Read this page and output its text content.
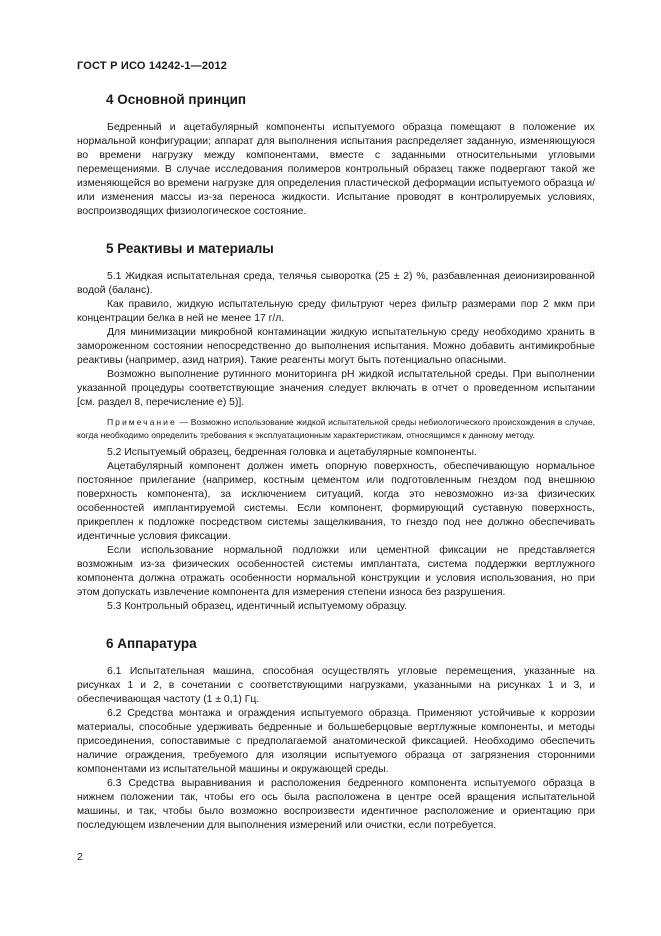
ГОСТ Р ИСО 14242-1—2012
4 Основной принцип

Бедренный и ацетабулярный компоненты испытуемого образца помещают в положение их нормальной конфигурации; аппарат для выполнения испытания распределяет заданную, изменяющуюся во времени нагрузку между компонентами, вместе с заданными относительными угловыми перемещениями. В случае исследования полимеров контрольный образец также подвергают такой же изменяющейся во времени нагрузке для определения пластической деформации испытуемого образца и/или изменения массы из-за переноса жидкости. Испытание проводят в контролируемых условиях, воспроизводящих физиологическое состояние.

5 Реактивы и материалы

5.1 Жидкая испытательная среда, телячья сыворотка (25 ± 2) %, разбавленная деионизированной водой (баланс).

Как правило, жидкую испытательную среду фильтруют через фильтр размерами пор 2 мкм при концентрации белка в ней не менее 17 г/л.

Для минимизации микробной контаминации жидкую испытательную среду необходимо хранить в замороженном состоянии непосредственно до выполнения испытания. Можно добавить антимикробные реактивы (например, азид натрия). Такие реагенты могут быть потенциально опасными.

Возможно выполнение рутинного мониторинга pH жидкой испытательной среды. При выполнении указанной процедуры соответствующие значения следует включать в отчет о проведенном испытании [см. раздел 8, перечисление е) 5)].

Примечание — Возможно использование жидкой испытательной среды небиологического происхождения в случае, когда необходимо определить требования к эксплуатационным характеристикам, относящимся к данному методу.

5.2 Испытуемый образец, бедренная головка и ацетабулярные компоненты.

Ацетабулярный компонент должен иметь опорную поверхность, обеспечивающую нормальное постоянное прилегание (например, костным цементом или подготовленным гнездом под внешнюю поверхность компонента), за исключением ситуаций, когда это невозможно из-за физических особенностей имплантируемой системы. Если компонент, формирующий суставную поверхность, прикреплен к подложке посредством системы защелкивания, то гнездо под нее должно обеспечивать идентичные условия фиксации.

Если использование нормальной подложки или цементной фиксации не представляется возможным из-за физических особенностей системы имплантата, система поддержки вертлужного компонента должна отражать особенности нормальной конструкции и условия использования, но при этом допускать извлечение компонента для измерения степени износа без разрушения.

5.3 Контрольный образец, идентичный испытуемому образцу.

6 Аппаратура

6.1 Испытательная машина, способная осуществлять угловые перемещения, указанные на рисунках 1 и 2, в сочетании с соответствующими нагрузками, указанными на рисунках 1 и 3, и обеспечивающая частоту (1 ± 0,1) Гц.

6.2 Средства монтажа и ограждения испытуемого образца. Применяют устойчивые к коррозии материалы, способные удерживать бедренные и большеберцовые вертлужные компоненты, и методы присоединения, сопоставимые с предполагаемой анатомической фиксацией. Необходимо обеспечить наличие ограждения, требуемого для изоляции испытуемого образца от загрязнения сторонними компонентами из испытательной машины и окружающей среды.

6.3 Средства выравнивания и расположения бедренного компонента испытуемого образца в нижнем положении так, чтобы его ось была расположена в центре осей вращения испытательной машины, и так, чтобы было возможно воспроизвести идентичное расположение и ориентацию при последующем извлечении для выполнения измерений или очистки, если потребуется.

2
